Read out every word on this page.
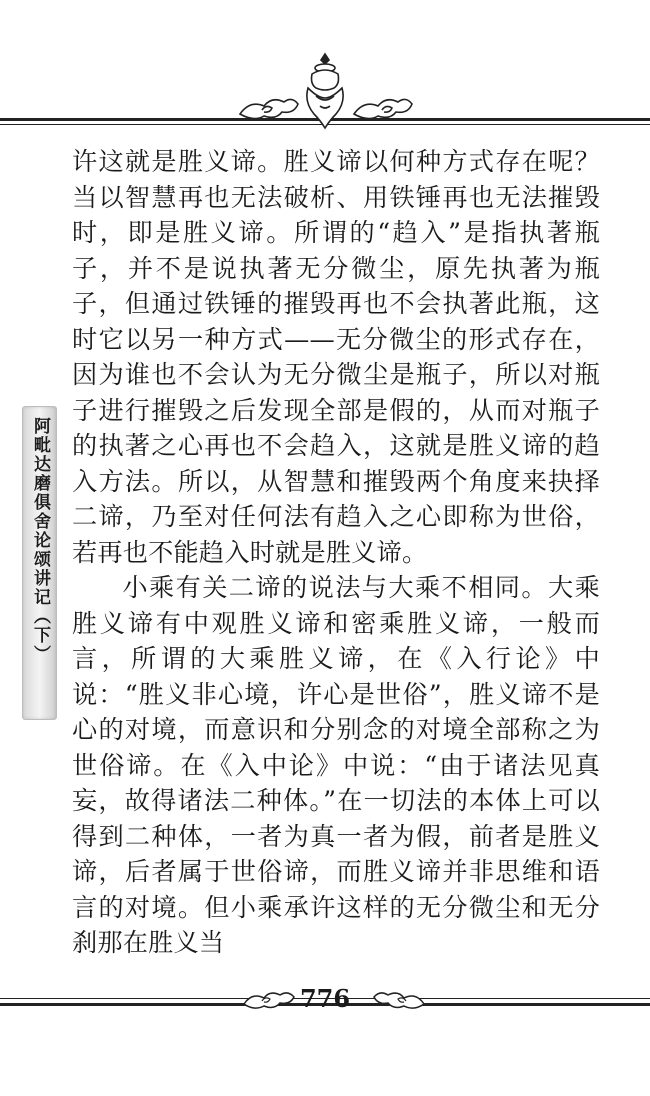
阿毗达磨俱舍论颂讲记（下）

许这就是胜义谛。胜义谛以何种方式存在呢？当以智慧再也无法破析、用铁锤再也无法摧毁时，即是胜义谛。所谓的“趋入”是指执著瓶子，并不是说执著无分微尘，原先执著为瓶子，但通过铁锤的摧毁再也不会执著此瓶，这时它以另一种方式——无分微尘的形式存在，因为谁也不会认为无分微尘是瓶子，所以对瓶子进行摧毁之后发现全部是假的，从而对瓶子的执著之心再也不会趋入，这就是胜义谛的趋入方法。所以，从智慧和摧毁两个角度来抉择二谛，乃至对任何法有趋入之心即称为世俗，若再也不能趋入时就是胜义谛。

小乘有关二谛的说法与大乘不相同。大乘胜义谛有中观胜义谛和密乘胜义谛，一般而言，所谓的大乘胜义谛，在《入行论》中说：“胜义非心境，许心是世俗”，胜义谛不是心的对境，而意识和分别念的对境全部称之为世俗谛。在《入中论》中说：“由于诸法见真妄，故得诸法二种体。”在一切法的本体上可以得到二种体，一者为真一者为假，前者是胜义谛，后者属于世俗谛，而胜义谛并非思维和语言的对境。但小乘承许这样的无分微尘和无分刹那在胜义当

776
